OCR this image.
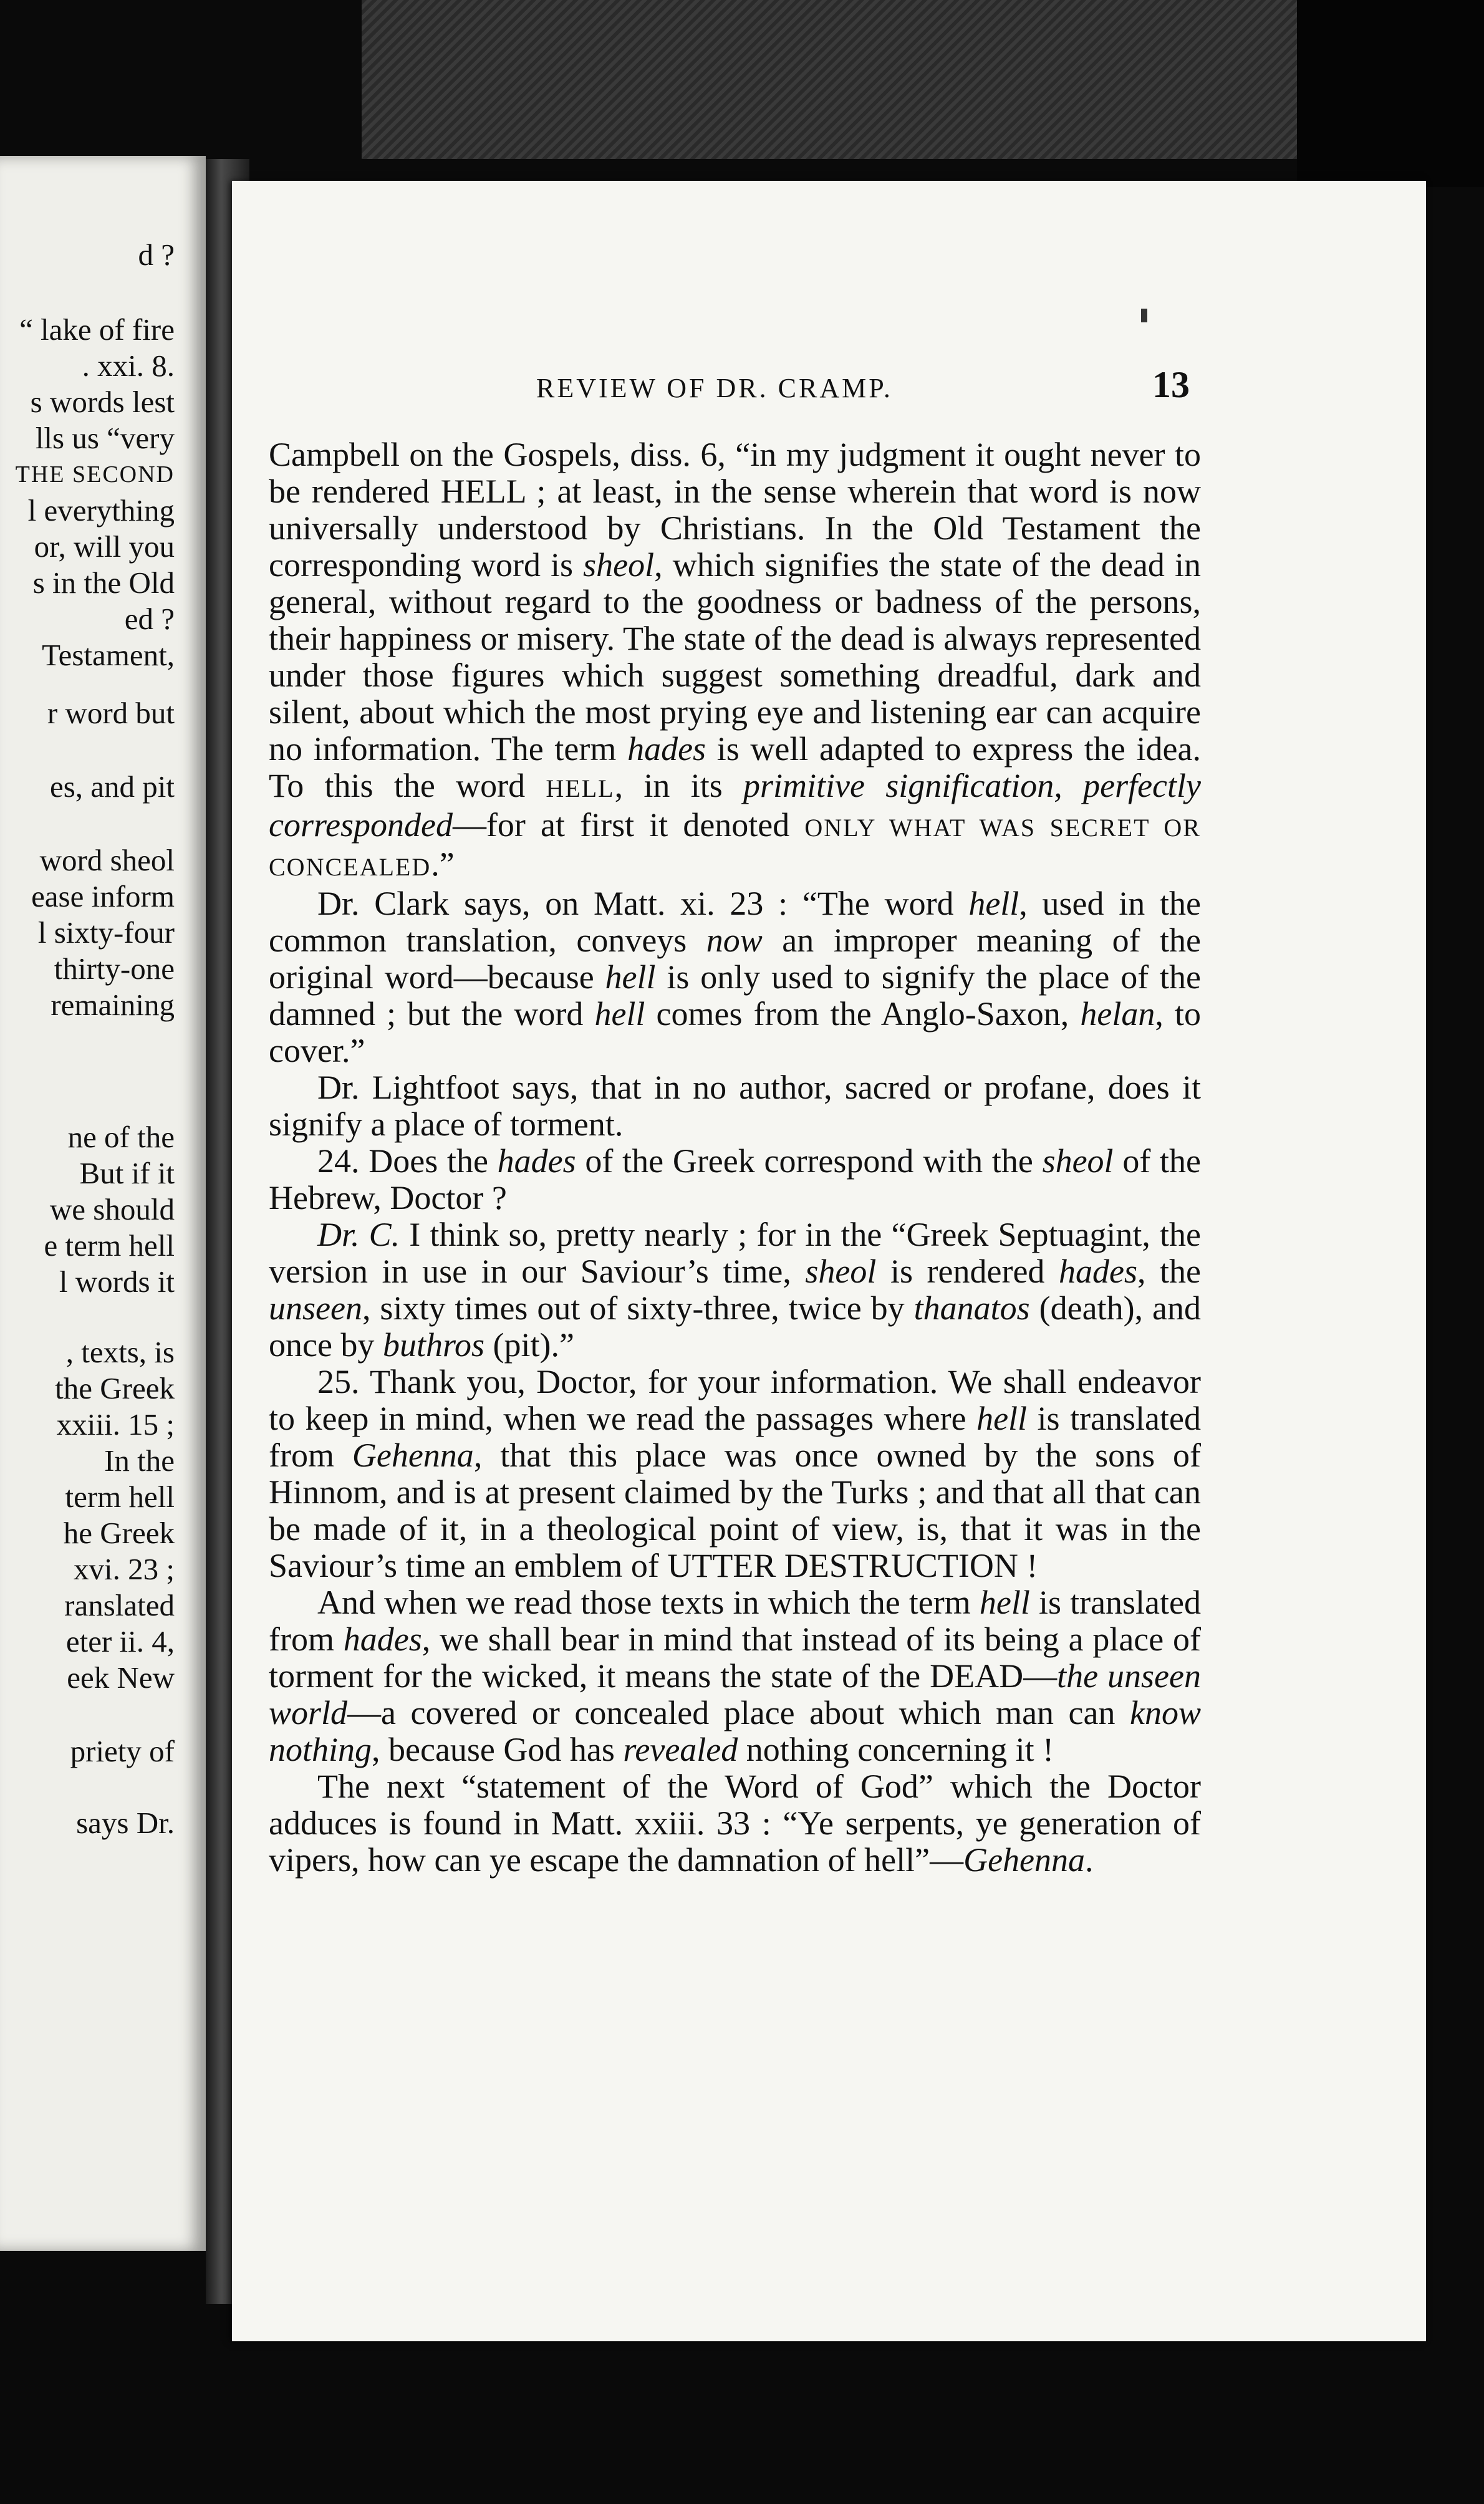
d ?
“ lake of fire
. xxi. 8.
s words lest
lls us “very
THE SECOND
l everything
or, will you
s in the Old
ed ?
Testament,
r word but
es, and pit
word sheol
ease inform
l sixty-four
thirty-one
remaining
ne of the
But if it
we should
e term hell
l words it
, texts, is
the Greek
xxiii. 15 ;
In the
term hell
he Greek
xvi. 23 ;
ranslated
eter ii. 4,
eek New
priety of
says Dr.
REVIEW OF DR. CRAMP.	13

Campbell on the Gospels, diss. 6, “in my judgment it ought never to be rendered HELL ; at least, in the sense wherein that word is now universally understood by Christians. In the Old Testament the corresponding word is sheol, which signifies the state of the dead in general, without regard to the goodness or badness of the persons, their happiness or misery. The state of the dead is always represented under those figures which suggest something dreadful, dark and silent, about which the most prying eye and listening ear can acquire no information. The term hades is well adapted to express the idea. To this the word HELL, in its primitive signification, perfectly corresponded—for at first it denoted ONLY WHAT WAS SECRET OR CONCEALED.”

Dr. Clark says, on Matt. xi. 23 : “The word hell, used in the common translation, conveys now an improper meaning of the original word—because hell is only used to signify the place of the damned ; but the word hell comes from the Anglo-Saxon, helan, to cover.”

Dr. Lightfoot says, that in no author, sacred or profane, does it signify a place of torment.

24. Does the hades of the Greek correspond with the sheol of the Hebrew, Doctor ?

Dr. C. I think so, pretty nearly ; for in the “Greek Septuagint, the version in use in our Saviour’s time, sheol is rendered hades, the unseen, sixty times out of sixty-three, twice by thanatos (death), and once by buthros (pit).”

25. Thank you, Doctor, for your information. We shall endeavor to keep in mind, when we read the passages where hell is translated from Gehenna, that this place was once owned by the sons of Hinnom, and is at present claimed by the Turks ; and that all that can be made of it, in a theological point of view, is, that it was in the Saviour’s time an emblem of UTTER DESTRUCTION !

And when we read those texts in which the term hell is translated from hades, we shall bear in mind that instead of its being a place of torment for the wicked, it means the state of the DEAD—the unseen world—a covered or concealed place about which man can know nothing, because God has revealed nothing concerning it !

The next “statement of the Word of God” which the Doctor adduces is found in Matt. xxiii. 33 : “Ye serpents, ye generation of vipers, how can ye escape the damnation of hell”—Gehenna.
